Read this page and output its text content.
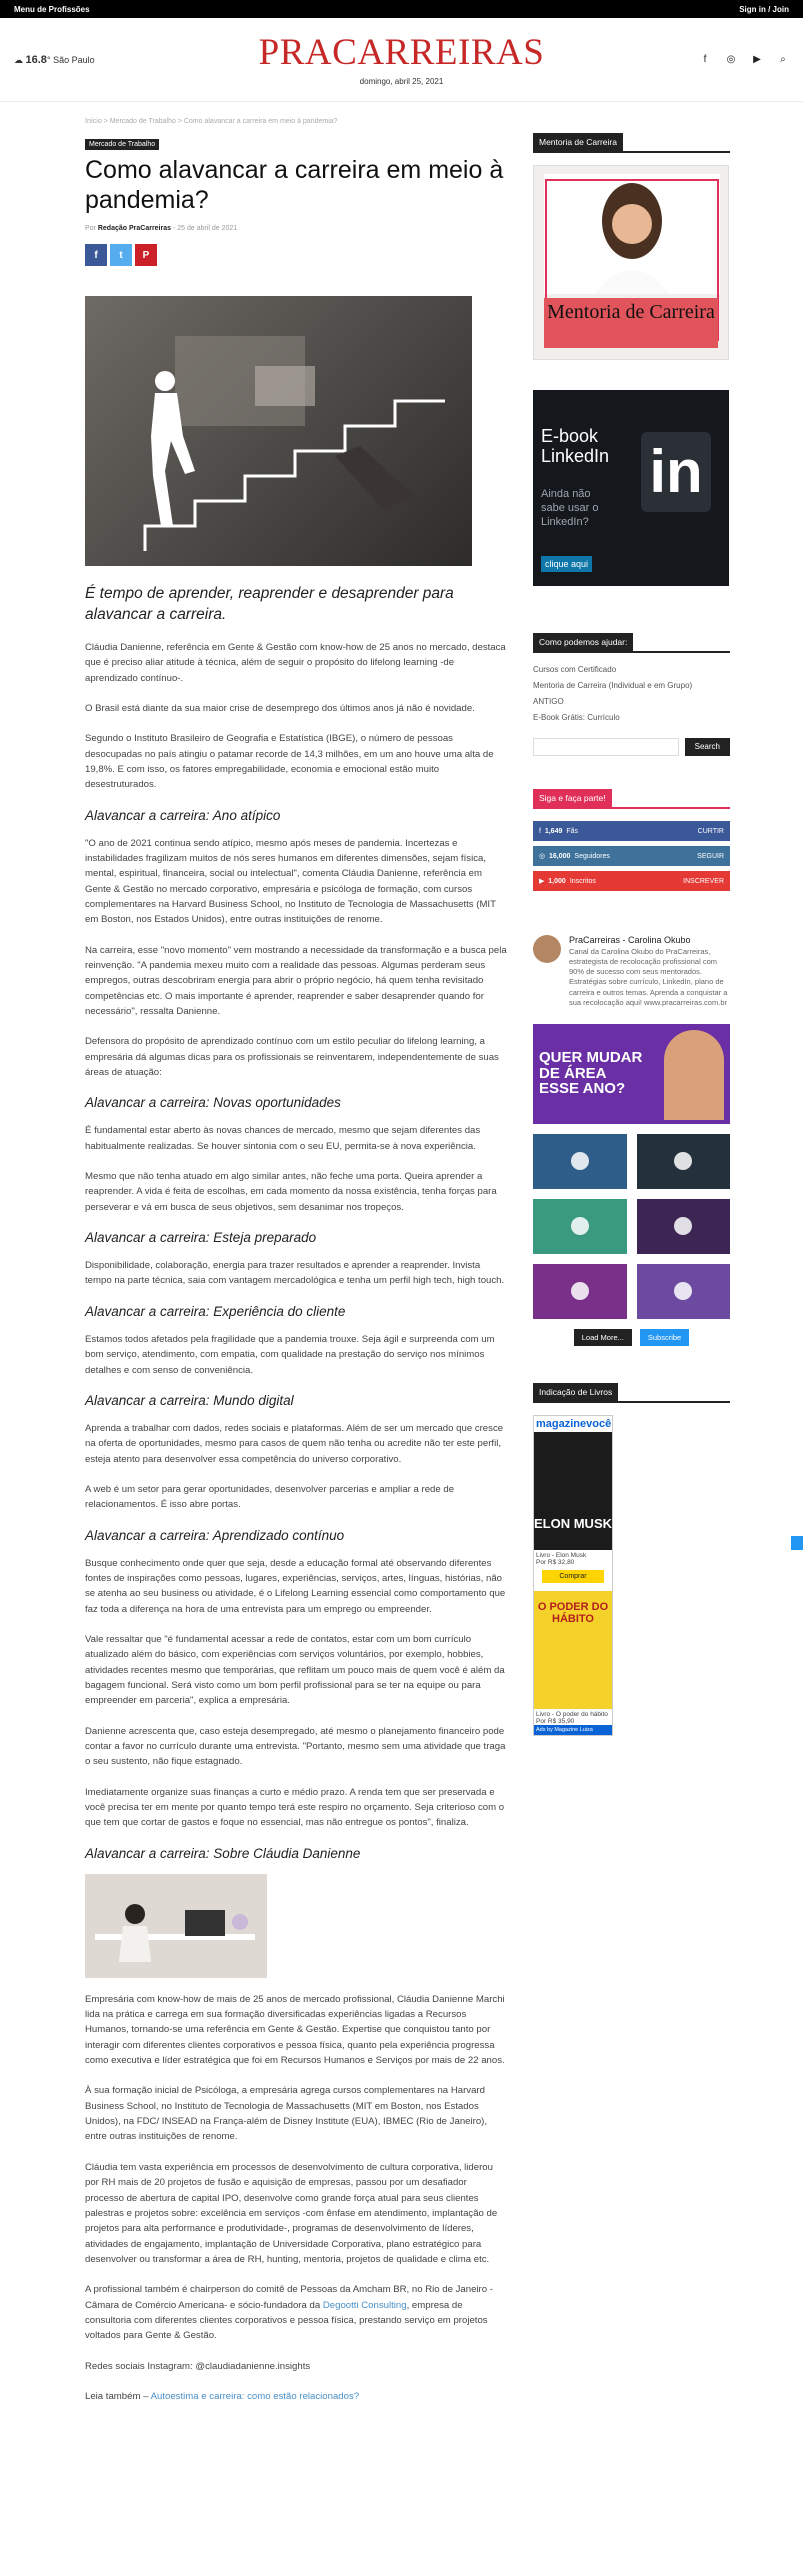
Menu de Profissões	Sign in / Join
☁ 16.8° São Paulo	PRACARREIRAS
domingo, abril 25, 2021
f	◎ ▶	⌕
Início > Mercado de Trabalho > Como alavancar a carreira em meio à pandemia?
Mercado de Trabalho
Como alavancar a carreira em meio à pandemia?
Por Redação PraCarreiras - 25 de abril de 2021
f	t	P
É tempo de aprender, reaprender e desaprender para alavancar a carreira.

Cláudia Danienne, referência em Gente & Gestão com know-how de 25 anos no mercado, destaca que é preciso aliar atitude à técnica, além de seguir o propósito do lifelong learning -de aprendizado contínuo-.

O Brasil está diante da sua maior crise de desemprego dos últimos anos já não é novidade.

Segundo o Instituto Brasileiro de Geografia e Estatística (IBGE), o número de pessoas desocupadas no país atingiu o patamar recorde de 14,3 milhões, em um ano houve uma alta de 19,8%. E com isso, os fatores empregabilidade, economia e emocional estão muito desestruturados.

Alavancar a carreira: Ano atípico

"O ano de 2021 continua sendo atípico, mesmo após meses de pandemia. Incertezas e instabilidades fragilizam muitos de nós seres humanos em diferentes dimensões, sejam física, mental, espiritual, financeira, social ou intelectual", comenta Cláudia Danienne, referência em Gente & Gestão no mercado corporativo, empresária e psicóloga de formação, com cursos complementares na Harvard Business School, no Instituto de Tecnologia de Massachusetts (MIT em Boston, nos Estados Unidos), entre outras instituições de renome.

Na carreira, esse "novo momento" vem mostrando a necessidade da transformação e a busca pela reinvenção. "A pandemia mexeu muito com a realidade das pessoas. Algumas perderam seus empregos, outras descobriram energia para abrir o próprio negócio, há quem tenha revisitado competências etc. O mais importante é aprender, reaprender e saber desaprender quando for necessário", ressalta Danienne.

Defensora do propósito de aprendizado contínuo com um estilo peculiar do lifelong learning, a empresária dá algumas dicas para os profissionais se reinventarem, independentemente de suas áreas de atuação:

Alavancar a carreira: Novas oportunidades

É fundamental estar aberto às novas chances de mercado, mesmo que sejam diferentes das habitualmente realizadas. Se houver sintonia com o seu EU, permita-se à nova experiência.

Mesmo que não tenha atuado em algo similar antes, não feche uma porta. Queira aprender a reaprender. A vida é feita de escolhas, em cada momento da nossa existência, tenha forças para perseverar e vá em busca de seus objetivos, sem desanimar nos tropeços.

Alavancar a carreira: Esteja preparado

Disponibilidade, colaboração, energia para trazer resultados e aprender a reaprender. Invista tempo na parte técnica, saia com vantagem mercadológica e tenha um perfil high tech, high touch.

Alavancar a carreira: Experiência do cliente

Estamos todos afetados pela fragilidade que a pandemia trouxe. Seja ágil e surpreenda com um bom serviço, atendimento, com empatia, com qualidade na prestação do serviço nos mínimos detalhes e com senso de conveniência.

Alavancar a carreira: Mundo digital

Aprenda a trabalhar com dados, redes sociais e plataformas. Além de ser um mercado que cresce na oferta de oportunidades, mesmo para casos de quem não tenha ou acredite não ter este perfil, esteja atento para desenvolver essa competência do universo corporativo.

A web é um setor para gerar oportunidades, desenvolver parcerias e ampliar a rede de relacionamentos. É isso abre portas.

Alavancar a carreira: Aprendizado contínuo

Busque conhecimento onde quer que seja, desde a educação formal até observando diferentes fontes de inspirações como pessoas, lugares, experiências, serviços, artes, línguas, histórias, não se atenha ao seu business ou atividade, é o Lifelong Learning essencial como comportamento que faz toda a diferença na hora de uma entrevista para um emprego ou empreender.

Vale ressaltar que "é fundamental acessar a rede de contatos, estar com um bom currículo atualizado além do básico, com experiências com serviços voluntários, por exemplo, hobbies, atividades recentes mesmo que temporárias, que reflitam um pouco mais de quem você é além da bagagem funcional. Será visto como um bom perfil profissional para se ter na equipe ou para empreender em parceria", explica a empresária.

Danienne acrescenta que, caso esteja desempregado, até mesmo o planejamento financeiro pode contar a favor no currículo durante uma entrevista. "Portanto, mesmo sem uma atividade que traga o seu sustento, não fique estagnado.

Imediatamente organize suas finanças a curto e médio prazo. A renda tem que ser preservada e você precisa ter em mente por quanto tempo terá este respiro no orçamento. Seja criterioso com o que tem que cortar de gastos e foque no essencial, mas não entregue os pontos", finaliza.

Alavancar a carreira: Sobre Cláudia Danienne

Empresária com know-how de mais de 25 anos de mercado profissional, Cláudia Danienne Marchi lida na prática e carrega em sua formação diversificadas experiências ligadas a Recursos Humanos, tornando-se uma referência em Gente & Gestão. Expertise que conquistou tanto por interagir com diferentes clientes corporativos e pessoa física, quanto pela experiência progressa como executiva e líder estratégica que foi em Recursos Humanos e Serviços por mais de 22 anos.

À sua formação inicial de Psicóloga, a empresária agrega cursos complementares na Harvard Business School, no Instituto de Tecnologia de Massachusetts (MIT em Boston, nos Estados Unidos), na FDC/ INSEAD na França-além de Disney Institute (EUA), IBMEC (Rio de Janeiro), entre outras instituições de renome.

Cláudia tem vasta experiência em processos de desenvolvimento de cultura corporativa, liderou por RH mais de 20 projetos de fusão e aquisição de empresas, passou por um desafiador processo de abertura de capital IPO, desenvolve como grande força atual para seus clientes palestras e projetos sobre: excelência em serviços -com ênfase em atendimento, implantação de projetos para alta performance e produtividade-, programas de desenvolvimento de líderes, atividades de engajamento, implantação de Universidade Corporativa, plano estratégico para desenvolver ou transformar a área de RH, hunting, mentoria, projetos de qualidade e clima etc.

A profissional também é chairperson do comitê de Pessoas da Amcham BR, no Rio de Janeiro -Câmara de Comércio Americana- e sócio-fundadora da Degootti Consulting, empresa de consultoria com diferentes clientes corporativos e pessoa física, prestando serviço em projetos voltados para Gente & Gestão.

Redes sociais Instagram: @claudiadanienne.insights

Leia também – Autoestima e carreira: como estão relacionados?

Mentoria de Carreira
Mentoria de Carreira
E-book
LinkedIn in
Ainda não sabe usar o LinkedIn?
clique aqui
Como podemos ajudar:
Cursos com Certificado
Mentoria de Carreira (Individual e em Grupo)
ANTIGO
E-Book Grátis: Currículo
Search
Siga e faça parte!
f  1,649 Fãs	CURTIR
◎  16,000 Seguidores	SEGUIR
▶  1,000 Inscritos	INSCREVER
PraCarreiras - Carolina Okubo
Canal da Carolina Okubo do PraCarreiras, estrategista de recolocação profissional com 90% de sucesso com seus mentorados. Estratégias sobre currículo, LinkedIn, plano de carreira e outros temas. Aprenda a conquistar a sua recolocação aqui! www.pracarreiras.com.br
QUER MUDAR DE ÁREA ESSE ANO?
Load More...	Subscribe
Indicação de Livros
magazinevocê
ELON MUSK
Livro - Elon Musk
Por R$ 32,80
Comprar
O PODER DO HÁBITO
Livro - O poder do hábito
Por R$ 35,90
Ads by Magazine Luiza
